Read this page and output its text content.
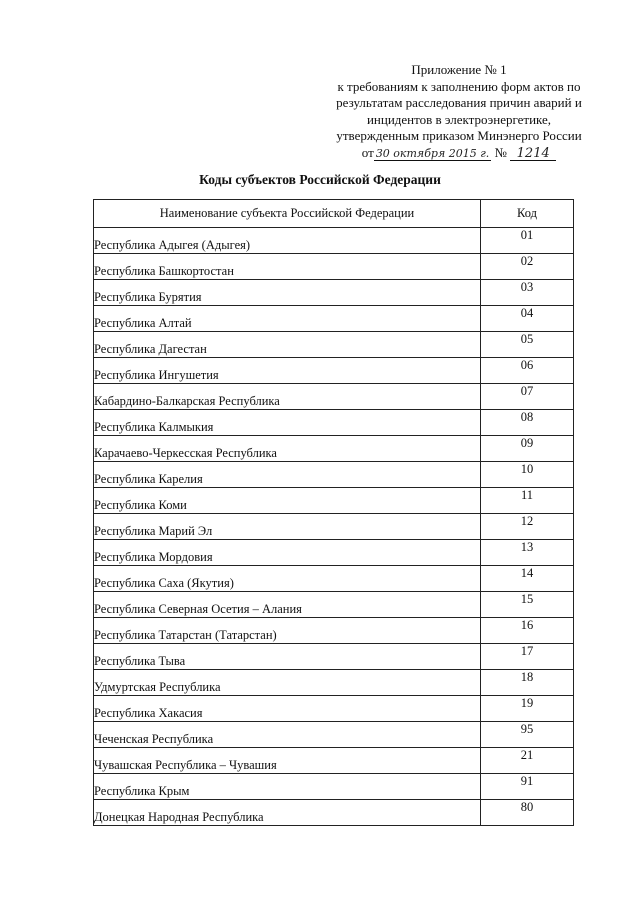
Приложение № 1
к требованиям к заполнению форм актов по
результатам расследования причин аварий и
инцидентов в электроэнергетике,
утвержденным приказом Минэнерго России
от 30 октября 2015 г. № 1214
Коды субъектов Российской Федерации
Наименование субъекта Российской Федерации	Код
Республика Адыгея (Адыгея)	01
Республика Башкортостан	02
Республика Бурятия	03
Республика Алтай	04
Республика Дагестан	05
Республика Ингушетия	06
Кабардино-Балкарская Республика	07
Республика Калмыкия	08
Карачаево-Черкесская Республика	09
Республика Карелия	10
Республика Коми	11
Республика Марий Эл	12
Республика Мордовия	13
Республика Саха (Якутия)	14
Республика Северная Осетия – Алания	15
Республика Татарстан (Татарстан)	16
Республика Тыва	17
Удмуртская Республика	18
Республика Хакасия	19
Чеченская Республика	95
Чувашская Республика – Чувашия	21
Республика Крым	91
Донецкая Народная Республика	80
